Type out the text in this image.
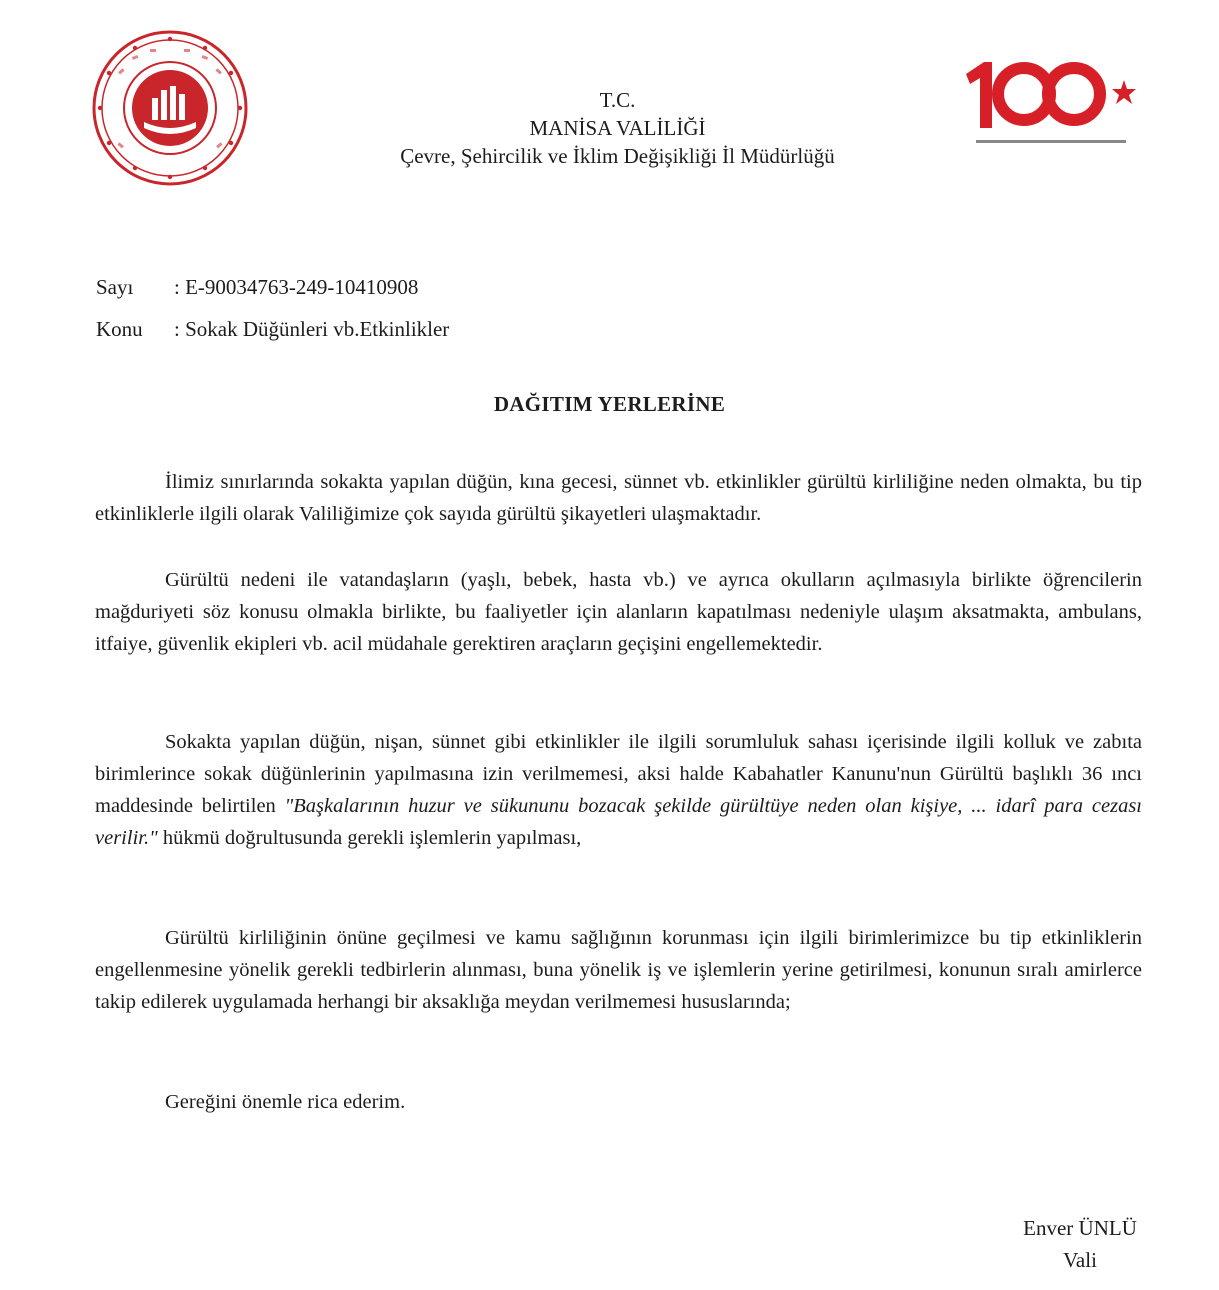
T.C.
MANİSA VALİLİĞİ
Çevre, Şehircilik ve İklim Değişikliği İl Müdürlüğü
Sayı	: E-90034763-249-10410908
Konu	: Sokak Düğünleri vb.Etkinlikler
DAĞITIM YERLERİNE
İlimiz sınırlarında sokakta yapılan düğün, kına gecesi, sünnet vb. etkinlikler gürültü kirliliğine neden olmakta, bu tip etkinliklerle ilgili olarak Valiliğimize çok sayıda gürültü şikayetleri ulaşmaktadır.
Gürültü nedeni ile vatandaşların (yaşlı, bebek, hasta vb.) ve ayrıca okulların açılmasıyla birlikte öğrencilerin mağduriyeti söz konusu olmakla birlikte, bu faaliyetler için alanların kapatılması nedeniyle ulaşım aksatmakta, ambulans, itfaiye, güvenlik ekipleri vb. acil müdahale gerektiren araçların geçişini engellemektedir.
Sokakta yapılan düğün, nişan, sünnet gibi etkinlikler ile ilgili sorumluluk sahası içerisinde ilgili kolluk ve zabıta birimlerince sokak düğünlerinin yapılmasına izin verilmemesi, aksi halde Kabahatler Kanunu'nun Gürültü başlıklı 36 ıncı maddesinde belirtilen "Başkalarının huzur ve sükununu bozacak şekilde gürültüye neden olan kişiye, ... idarî para cezası verilir." hükmü doğrultusunda gerekli işlemlerin yapılması,
Gürültü kirliliğinin önüne geçilmesi ve kamu sağlığının korunması için ilgili birimlerimizce bu tip etkinliklerin engellenmesine yönelik gerekli tedbirlerin alınması, buna yönelik iş ve işlemlerin yerine getirilmesi, konunun sıralı amirlerce takip edilerek uygulamada herhangi bir aksaklığa meydan verilmemesi hususlarında;
Gereğini önemle rica ederim.
Enver ÜNLÜ
Vali
